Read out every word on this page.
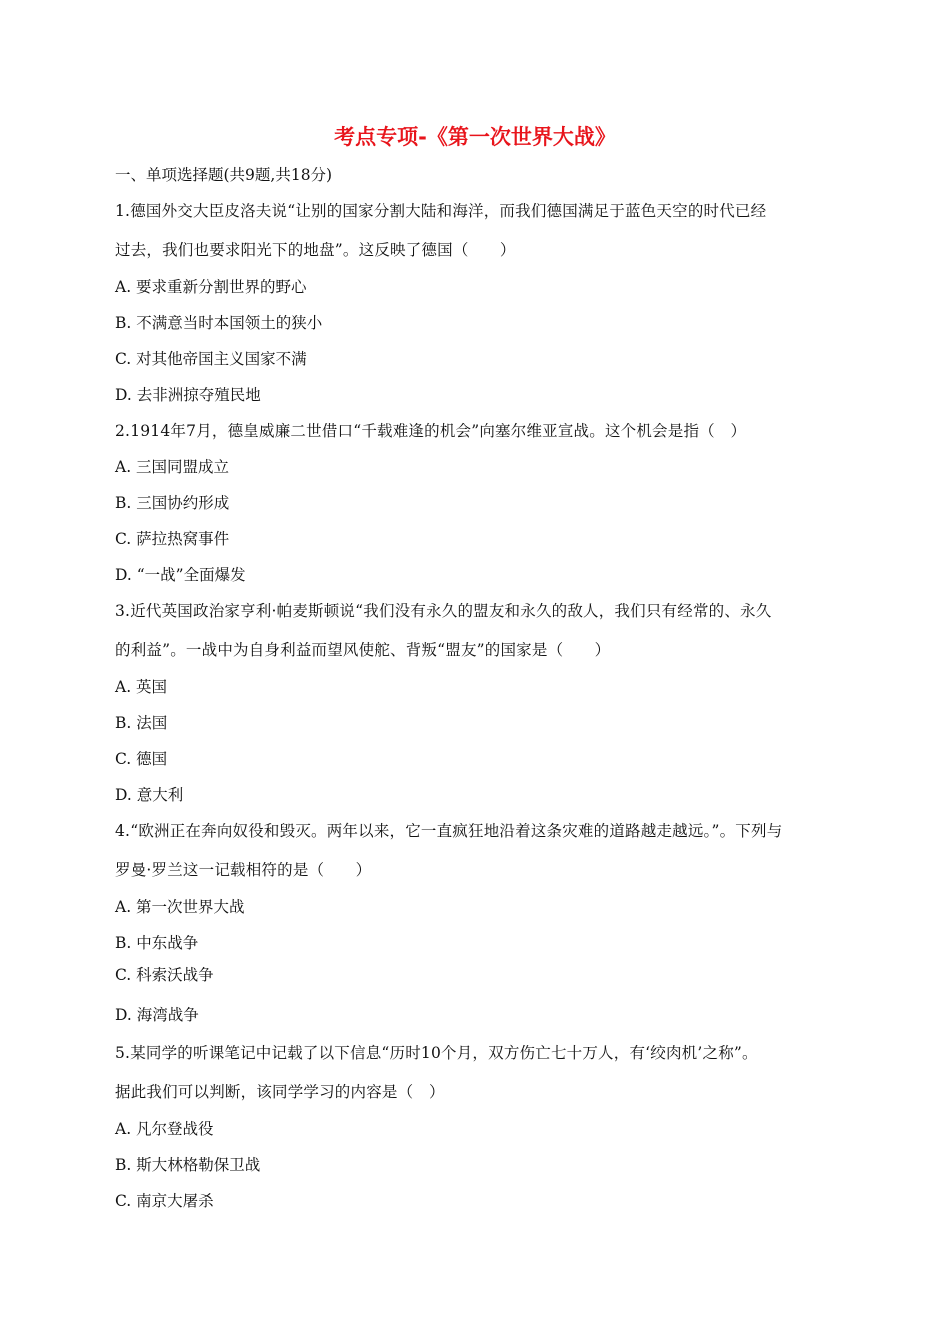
考点专项-《第一次世界大战》
一、单项选择题(共9题,共18分)
1.德国外交大臣皮洛夫说“让别的国家分割大陆和海洋，而我们德国满足于蓝色天空的时代已经
过去，我们也要求阳光下的地盘”。这反映了德国（　　）
A. 要求重新分割世界的野心
B. 不满意当时本国领土的狭小
C. 对其他帝国主义国家不满
D. 去非洲掠夺殖民地
2.1914年7月，德皇威廉二世借口“千载难逢的机会”向塞尔维亚宣战。这个机会是指（　）
A. 三国同盟成立
B. 三国协约形成
C. 萨拉热窝事件
D. “一战”全面爆发
3.近代英国政治家亨利·帕麦斯顿说“我们没有永久的盟友和永久的敌人，我们只有经常的、永久
的利益”。一战中为自身利益而望风使舵、背叛“盟友”的国家是（　　）
A. 英国
B. 法国
C. 德国
D. 意大利
4.“欧洲正在奔向奴役和毁灭。两年以来，它一直疯狂地沿着这条灾难的道路越走越远。”。下列与
罗曼·罗兰这一记载相符的是（　　）
A. 第一次世界大战
B. 中东战争
C. 科索沃战争
D. 海湾战争
5.某同学的听课笔记中记载了以下信息“历时10个月，双方伤亡七十万人，有‘绞肉机’之称”。
据此我们可以判断，该同学学习的内容是（　）
A. 凡尔登战役
B. 斯大林格勒保卫战
C. 南京大屠杀
